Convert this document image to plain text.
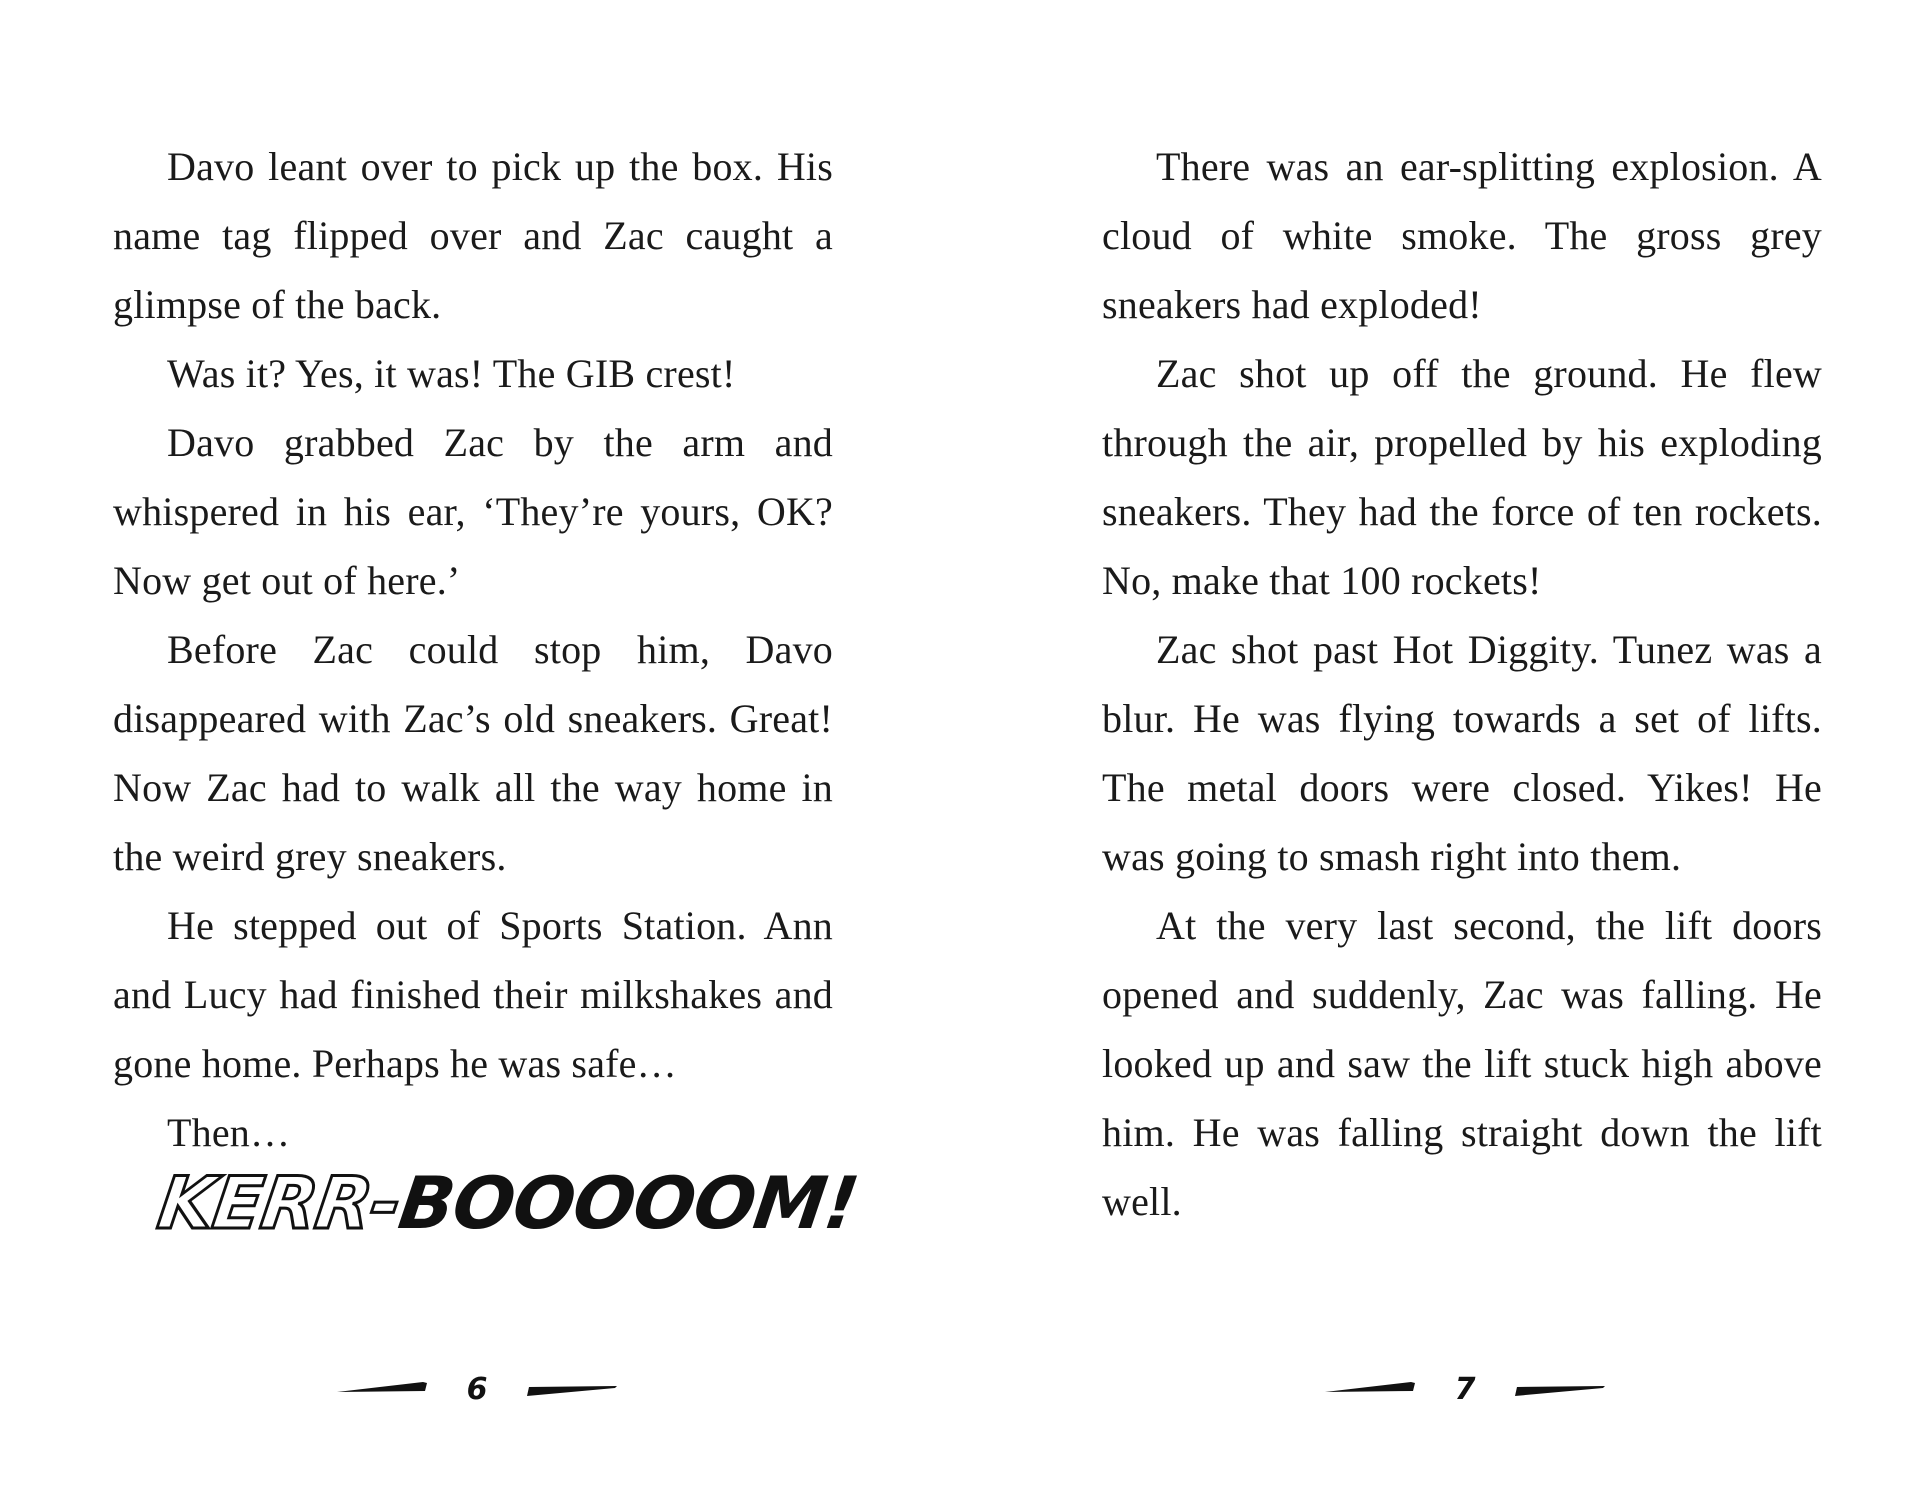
Davo leant over to pick up the box. His name tag flipped over and Zac caught a glimpse of the back.

Was it? Yes, it was! The GIB crest!

Davo grabbed Zac by the arm and whispered in his ear, ‘They’re yours, OK? Now get out of here.’

Before Zac could stop him, Davo disappeared with Zac’s old sneakers. Great! Now Zac had to walk all the way home in the weird grey sneakers.

He stepped out of Sports Station. Ann and Lucy had finished their milkshakes and gone home. Perhaps he was safe…

Then…

KERR-
BOOOOOM!

There was an ear-splitting explosion. A cloud of white smoke. The gross grey sneakers had exploded!

Zac shot up off the ground. He flew through the air, propelled by his exploding sneakers. They had the force of ten rockets. No, make that 100 rockets!

Zac shot past Hot Diggity. Tunez was a blur. He was flying towards a set of lifts. The metal doors were closed. Yikes! He was going to smash right into them.

At the very last second, the lift doors opened and suddenly, Zac was falling. He looked up and saw the lift stuck high above him. He was falling straight down the lift well.

6	7
